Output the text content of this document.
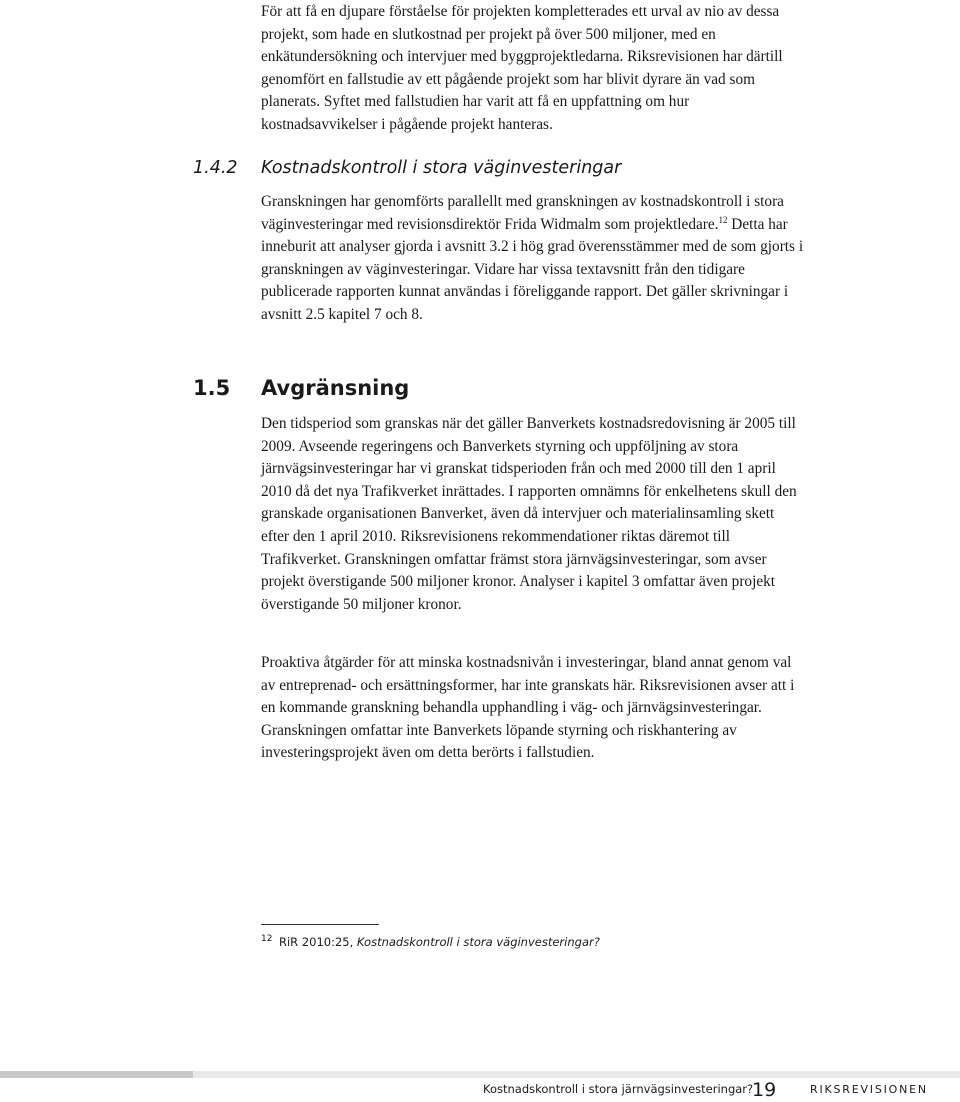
För att få en djupare förståelse för projekten kompletterades ett urval av nio av dessa projekt, som hade en slutkostnad per projekt på över 500 miljoner, med en enkätundersökning och intervjuer med byggprojektledarna. Riksrevisionen har därtill genomfört en fallstudie av ett pågående projekt som har blivit dyrare än vad som planerats. Syftet med fallstudien har varit att få en uppfattning om hur kostnadsavvikelser i pågående projekt hanteras.

1.4.2 Kostnadskontroll i stora väginvesteringar

Granskningen har genomförts parallellt med granskningen av kostnadskontroll i stora väginvesteringar med revisionsdirektör Frida Widmalm som projektledare.$^{12}$ Detta har inneburit att analyser gjorda i avsnitt 3.2 i hög grad överensstämmer med de som gjorts i granskningen av väginvesteringar. Vidare har vissa textavsnitt från den tidigare publicerade rapporten kunnat användas i föreliggande rapport. Det gäller skrivningar i avsnitt 2.5 kapitel 7 och 8.

1.5 Avgränsning

Den tidsperiod som granskas när det gäller Banverkets kostnadsredovisning är 2005 till 2009. Avseende regeringens och Banverkets styrning och uppföljning av stora järnvägsinvesteringar har vi granskat tidsperioden från och med 2000 till den 1 april 2010 då det nya Trafikverket inrättades. I rapporten omnämns för enkelhetens skull den granskade organisationen Banverket, även då intervjuer och materialinsamling skett efter den 1 april 2010. Riksrevisionens rekommendationer riktas däremot till Trafikverket. Granskningen omfattar främst stora järnvägsinvesteringar, som avser projekt överstigande 500 miljoner kronor. Analyser i kapitel 3 omfattar även projekt överstigande 50 miljoner kronor.

Proaktiva åtgärder för att minska kostnadsnivån i investeringar, bland annat genom val av entreprenad- och ersättningsformer, har inte granskats här. Riksrevisionen avser att i en kommande granskning behandla upphandling i väg- och järnvägsinvesteringar. Granskningen omfattar inte Banverkets löpande styrning och riskhantering av investeringsprojekt även om detta berörts i fallstudien.

12 RiR 2010:25, Kostnadskontroll i stora väginvesteringar?
Kostnadskontroll i stora järnvägsinvesteringar?
19	RIKSREVISIONEN
